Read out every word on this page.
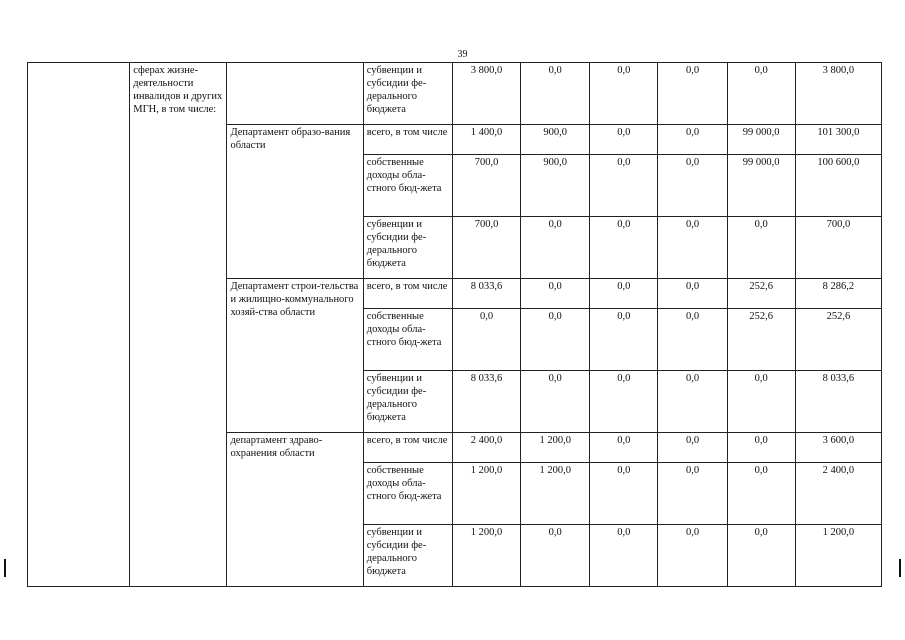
39
	сферах жизне-деятельности инвалидов и других МГН, в том числе:		субвенции и субсидии фе-дерального бюджета	3 800,0	0,0	0,0	0,0	0,0	3 800,0
		Департамент образо-вания области	всего, в том числе	1 400,0	900,0	0,0	0,0	99 000,0	101 300,0
			собственные доходы обла-стного бюд-жета	700,0	900,0	0,0	0,0	99 000,0	100 600,0
			субвенции и субсидии фе-дерального бюджета	700,0	0,0	0,0	0,0	0,0	700,0
		Департамент строи-тельства и жилищно-коммунального хозяй-ства области	всего, в том числе	8 033,6	0,0	0,0	0,0	252,6	8 286,2
			собственные доходы обла-стного бюд-жета	0,0	0,0	0,0	0,0	252,6	252,6
			субвенции и субсидии фе-дерального бюджета	8 033,6	0,0	0,0	0,0	0,0	8 033,6
		департамент здраво-охранения области	всего, в том числе	2 400,0	1 200,0	0,0	0,0	0,0	3 600,0
			собственные доходы обла-стного бюд-жета	1 200,0	1 200,0	0,0	0,0	0,0	2 400,0
			субвенции и субсидии фе-дерального бюджета	1 200,0	0,0	0,0	0,0	0,0	1 200,0
